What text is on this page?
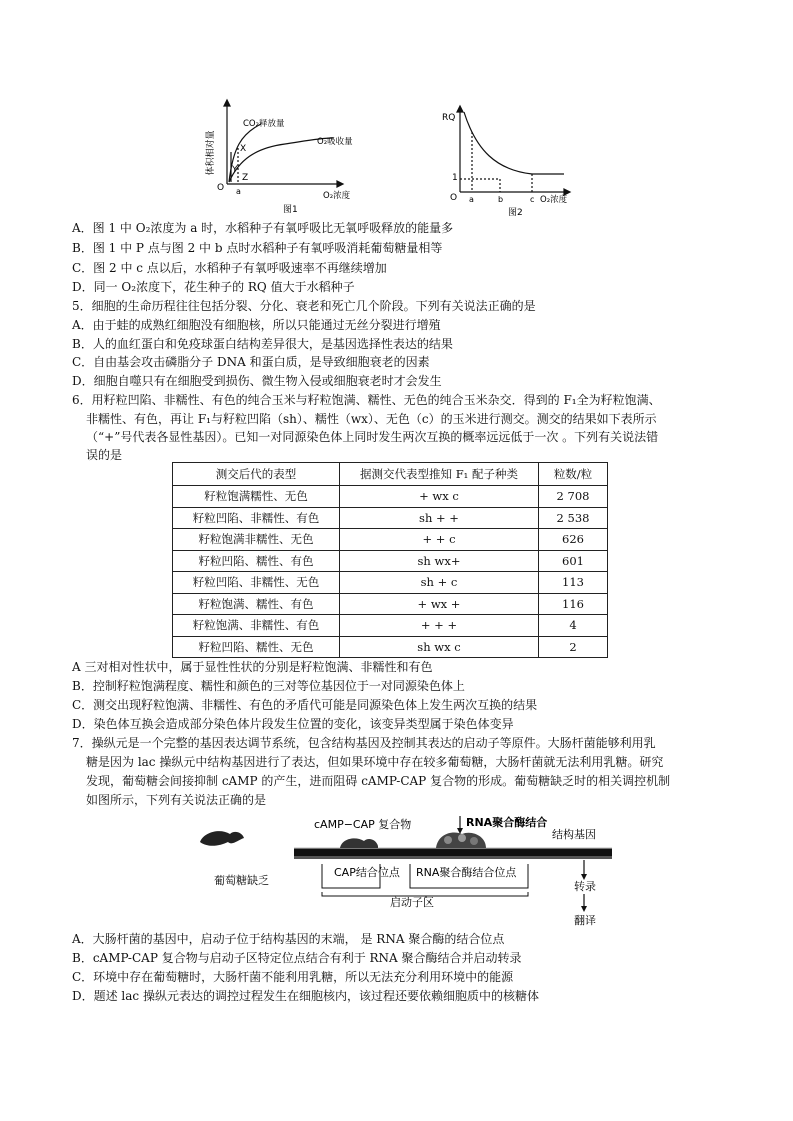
体积相对量
CO₂释放量
O₂吸收量
X
Y
Z
O a	O₂浓度
图1
RQ
1
O a	b	c O₂浓度
图2
A．图 1 中 O₂浓度为 a 时，水稻种子有氧呼吸比无氧呼吸释放的能量多
B．图 1 中 P 点与图 2 中 b 点时水稻种子有氧呼吸消耗葡萄糖量相等
C．图 2 中 c 点以后，水稻种子有氧呼吸速率不再继续增加
D．同一 O₂浓度下，花生种子的 RQ 值大于水稻种子
5．细胞的生命历程往往包括分裂、分化、衰老和死亡几个阶段。下列有关说法正确的是
A．由于蛙的成熟红细胞没有细胞核，所以只能通过无丝分裂进行增殖
B．人的血红蛋白和免疫球蛋白结构差异很大，是基因选择性表达的结果
C．自由基会攻击磷脂分子 DNA 和蛋白质，是导致细胞衰老的因素
D．细胞自噬只有在细胞受到损伤、微生物入侵或细胞衰老时才会发生
6．用籽粒凹陷、非糯性、有色的纯合玉米与籽粒饱满、糯性、无色的纯合玉米杂交．得到的 F₁全为籽粒饱满、
非糯性、有色，再让 F₁与籽粒凹陷（sh）、糯性（wx）、无色（c）的玉米进行测交。测交的结果如下表所示
（“+”号代表各显性基因）。已知一对同源染色体上同时发生两次互换的概率远远低于一次 。下列有关说法错
误的是
测交后代的表型	据测交代表型推知 F₁ 配子种类	粒数/粒
籽粒饱满糯性、无色	+ wx c	2 708
籽粒凹陷、非糯性、有色	sh + +	2 538
籽粒饱满非糯性、无色	+ + c	626
籽粒凹陷、糯性、有色	sh wx+	601
籽粒凹陷、非糯性、无色	sh + c	113
籽粒饱满、糯性、有色	+ wx +	116
籽粒饱满、非糯性、有色	+ + +	4
籽粒凹陷、糯性、无色	sh wx c	2
A 三对相对性状中，属于显性性状的分别是籽粒饱满、非糯性和有色
B．控制籽粒饱满程度、糯性和颜色的三对等位基因位于一对同源染色体上
C．测交出现籽粒饱满、非糯性、有色的矛盾代可能是同源染色体上发生两次互换的结果
D．染色体互换会造成部分染色体片段发生位置的变化，该变异类型属于染色体变异
7．操纵元是一个完整的基因表达调节系统，包含结构基因及控制其表达的启动子等原件。大肠杆菌能够利用乳
糖是因为 lac 操纵元中结构基因进行了表达，但如果环境中存在较多葡萄糖，大肠杆菌就无法利用乳糖。研究
发现，葡萄糖会间接抑制 cAMP 的产生，进而阻碍 cAMP-CAP 复合物的形成。葡萄糖缺乏时的相关调控机制
如图所示，下列有关说法正确的是
cAMP−CAP 复合物	RNA聚合酶结合
结构基因
葡萄糖缺乏
CAP结合位点 RNA聚合酶结合位点
启动子区
转录
翻译
A．大肠杆菌的基因中，启动子位于结构基因的末端， 是 RNA 聚合酶的结合位点
B．cAMP-CAP 复合物与启动子区特定位点结合有利于 RNA 聚合酶结合并启动转录
C．环境中存在葡萄糖时，大肠杆菌不能利用乳糖，所以无法充分利用环境中的能源
D．题述 lac 操纵元表达的调控过程发生在细胞核内，该过程还要依赖细胞质中的核糖体
